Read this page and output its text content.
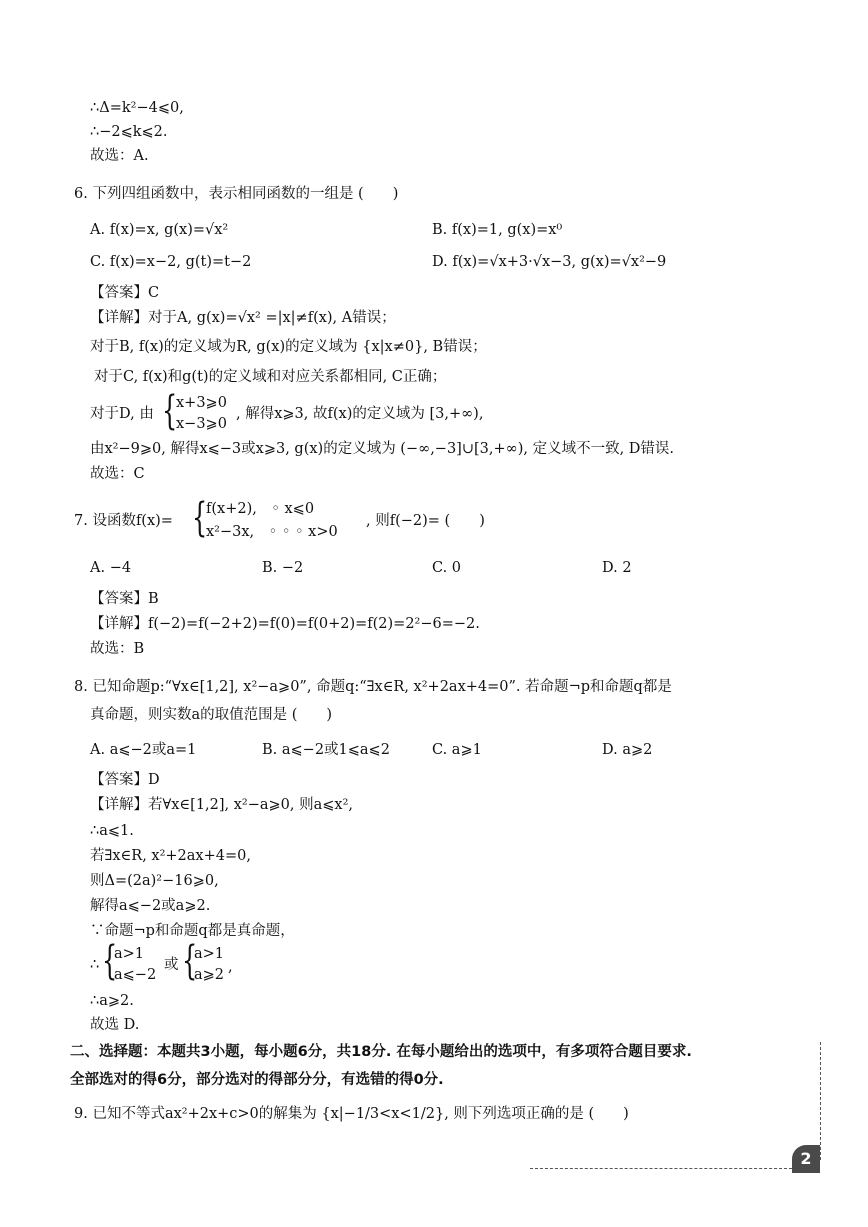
∴Δ=k²−4⩽0,
∴−2⩽k⩽2.
故选：A.
6. 下列四组函数中，表示相同函数的一组是 (　　)
A. f(x)=x, g(x)=√x²	B. f(x)=1, g(x)=x⁰
C. f(x)=x−2, g(t)=t−2	D. f(x)=√x+3·√x−3, g(x)=√x²−9
【答案】C
【详解】对于A, g(x)=√x² =|x|≠f(x), A错误；
对于B, f(x)的定义域为R, g(x)的定义域为 {x|x≠0}, B错误；
对于C, f(x)和g(t)的定义域和对应关系都相同, C正确；
对于D, 由 {
x+3⩾0
x−3⩾0
, 解得x⩾3, 故f(x)的定义域为 [3,+∞),
由x²−9⩾0, 解得x⩽−3或x⩾3, g(x)的定义域为 (−∞,−3]∪[3,+∞), 定义域不一致, D错误.
故选：C
7. 设函数f(x)= {
f(x+2),　◦ x⩽0
x²−3x,　◦ ◦ ◦ x>0
, 则f(−2)= (　　)
A. −4	B. −2	C. 0	D. 2
【答案】B
【详解】f(−2)=f(−2+2)=f(0)=f(0+2)=f(2)=2²−6=−2.
故选：B
8. 已知命题p:“∀x∈[1,2], x²−a⩾0”, 命题q:“∃x∈R, x²+2ax+4=0”. 若命题¬p和命题q都是
真命题，则实数a的取值范围是 (　　)
A. a⩽−2或a=1	B. a⩽−2或1⩽a⩽2	C. a⩾1	D. a⩾2
【答案】D
【详解】若∀x∈[1,2], x²−a⩾0, 则a⩽x²,
∴a⩽1.
若∃x∈R, x²+2ax+4=0,
则Δ=(2a)²−16⩾0,
解得a⩽−2或a⩾2.
∵命题¬p和命题q都是真命题，
∴ {
a>1
a⩽−2
或 {
a>1
a⩾2 ,
∴a⩾2.
故选 D.
二、选择题：本题共3小题，每小题6分，共18分. 在每小题给出的选项中，有多项符合题目要求.
全部选对的得6分，部分选对的得部分分，有选错的得0分.
9. 已知不等式ax²+2x+c>0的解集为 {x|−1/3<x<1/2}, 则下列选项正确的是 (　　)
2
